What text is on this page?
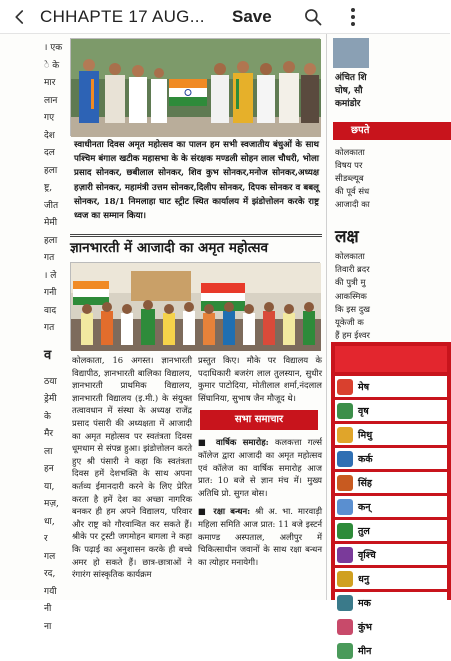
CHHAPTE 17 AUG...	Save
। एक
े के
मार
लान
गए
देश
दल
हला
ष्ट्र,
जीत
मेमी
हला
गत
। ले
गनी
वाद
गत
व
ठया
ड्रेमी
के
मैर
ला
हन
या,
मज़,
धा,
र
गल
रद,
गयी
नी
ना
स्वाधीनता दिवस अमृत महोत्सव का पालन हम सभी स्वजातीय बंधुओं के साथ पश्चिम बंगाल खटीक महासभा के के संरक्षक मण्डली सोहन लाल चौधरी, भोला प्रसाद सोनकर, छबीलाल सोनकर, शिव कुभ सोनकर,मनोज सोनकर,अध्यक्ष हज़ारी सोनकर, महामंत्री उत्तम सोनकर,दिलीप सोनकर, दिपक सोनकर व बबलू सोनकर, 18/1 निमलाहा घाट स्ट्रीट स्थित कार्यालय में झंडोत्तोलन करके राष्ट्र ध्वज का सम्मान किया।
ज्ञानभारती में आजादी का अमृत महोत्सव
कोलकाता, 16 अगस्त। ज्ञानभारती विद्यापीठ, ज्ञानभारती बालिका विद्यालय, ज्ञानभारती प्राथमिक विद्यालय, ज्ञानभारती विद्यालय (इ.मी.) के संयुक्त तत्वावधान में संस्था के अध्यक्ष राजेंद्र प्रसाद पंसारी की अध्यक्षता में आजादी का अमृत महोत्सव पर स्वतंत्रता दिवस धूमधाम से संपन्न हुआ। झंडोत्तोलन करते हुए श्री पंसारी ने कहा कि स्वतंत्रता दिवस हमें देशभक्ति के साथ अपना कर्तव्य ईमानदारी करने के लिए प्रेरित करता है हमें देश का अच्छा नागरिक बनकर ही हम अपने विद्यालय, परिवार और राष्ट्र को गौरवान्वित कर सकते हैं।श्रीके पर ट्रस्टी जगमोहन बागला ने कहा कि पढ़ाई का अनुशासन करके ही बच्चे अमर हो सकते हैं। छात्र-छात्राओं ने रंगारंग सांस्कृतिक कार्यक्रम

प्रस्तुत किए। मौके पर विद्यालय के पदाधिकारी बजरंग लाल तुलस्यान, सुधीर कुमार पाटोदिया, मोतीलाल शर्मा,नंदलाल सिंघानिया, सुभाष जैन मौजूद थे।

सभा समाचार

■ वार्षिक समारोह: कलकत्ता गर्ल्स कॉलेज द्वारा आजादी का अमृत महोत्सव एवं कॉलेज का वार्षिक समारोह आज प्रात: 10 बजे से ज्ञान मंच में। मुख्य अतिथि प्रो. सुगत बोस।

■ रक्षा बन्धन: श्री अ. भा. मारवाड़ी महिला समिति आज प्रात: 11 बजे इस्टर्न कमाण्ड अस्पताल, अलीपुर में चिकित्साधीन जवानों के साथ रक्षा बन्धन का त्योहार मनायेगी।

अंचित शि
घोष, सौ
कमांडोर
छपते
कोलकाता
विषय पर
सीडब्ल्यूब
की पूर्व संध
आजादी का
लक्ष
कोलकाता
तिवारी ब्रदर
की पुत्री मु
आकस्मिक
कि इस दुख
यूकेजी क
हैं हम ईश्वर
मेष
वृष
मिथु
कर्क
सिंह
कन्
तुल
वृश्चि
धनु
मक
कुंभ
मीन
